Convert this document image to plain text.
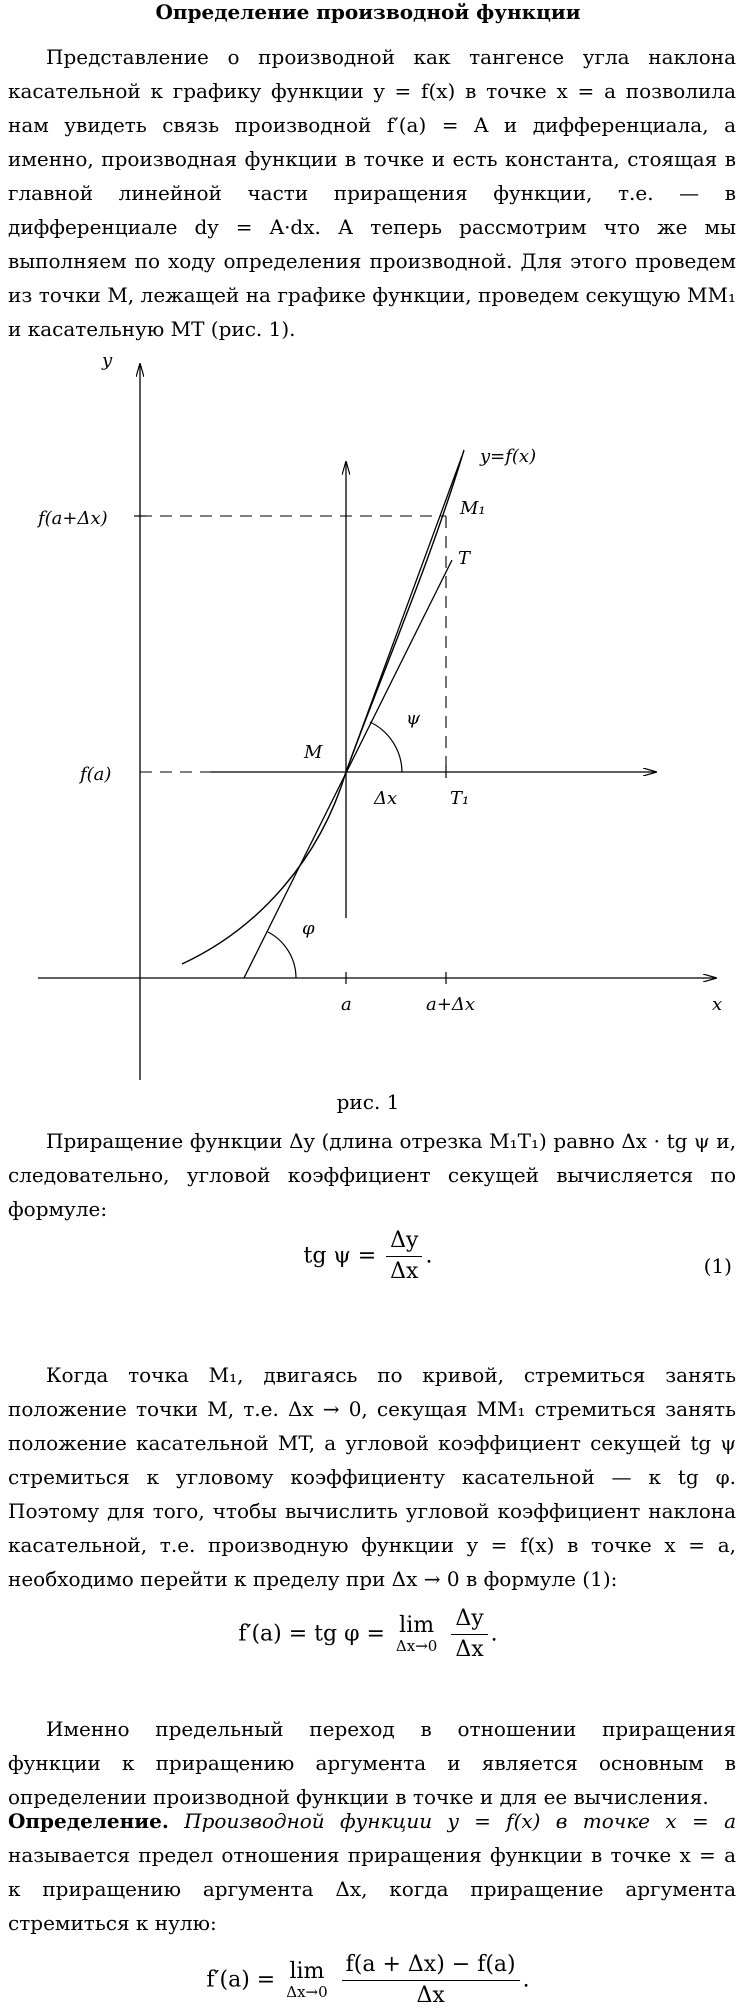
Определение производной функции
Представление о производной как тангенсе угла наклона касательной к графику функции y = f(x) в точке x = a позволила нам увидеть связь производной f′(a) = A и дифференциала, а именно, производная функции в точке и есть константа, стоящая в главной линейной части приращения функции, т.е. — в дифференциале dy = A·dx. А теперь рассмотрим что же мы выполняем по ходу определения производной. Для этого проведем из точки M, лежащей на графике функции, проведем секущую MM₁ и касательную MT (рис. 1).
y
x
y=f(x)
f(a+Δx)
f(a)
M
M₁
T
T₁
Δx
ψ
φ
a	a+Δx
рис. 1
Приращение функции Δy (длина отрезка M₁T₁) равно Δx · tg ψ и, следовательно, угловой коэффициент секущей вычисляется по формуле:
tg $\psi = \frac{\Delta y}{\Delta x}$ .	(1)
Когда точка M₁, двигаясь по кривой, стремиться занять положение точки M, т.е. Δx → 0, секущая MM₁ стремиться занять положение касательной MT, а угловой коэффициент секущей tg ψ стремиться к угловому коэффициенту касательной — к tg φ. Поэтому для того, чтобы вычислить угловой коэффициент наклона касательной, т.е. производную функции y = f(x) в точке x = a, необходимо перейти к пределу при Δx → 0 в формуле (1):
f′(a) = tg φ = lim
Δx→0
$\frac{\Delta y}{\Delta x}$ .
Именно предельный переход в отношении приращения функции к приращению аргумента и является основным в определении производной функции в точке и для ее вычисления.
Определение. Производной функции y = f(x) в точке x = a называется предел отношения приращения функции в точке x = a к приращению аргумента Δx, когда приращение аргумента стремиться к нулю:
f′(a) = lim
Δx→0
$\frac{f(a + \Delta x) - f(a)}{\Delta x}$ .
